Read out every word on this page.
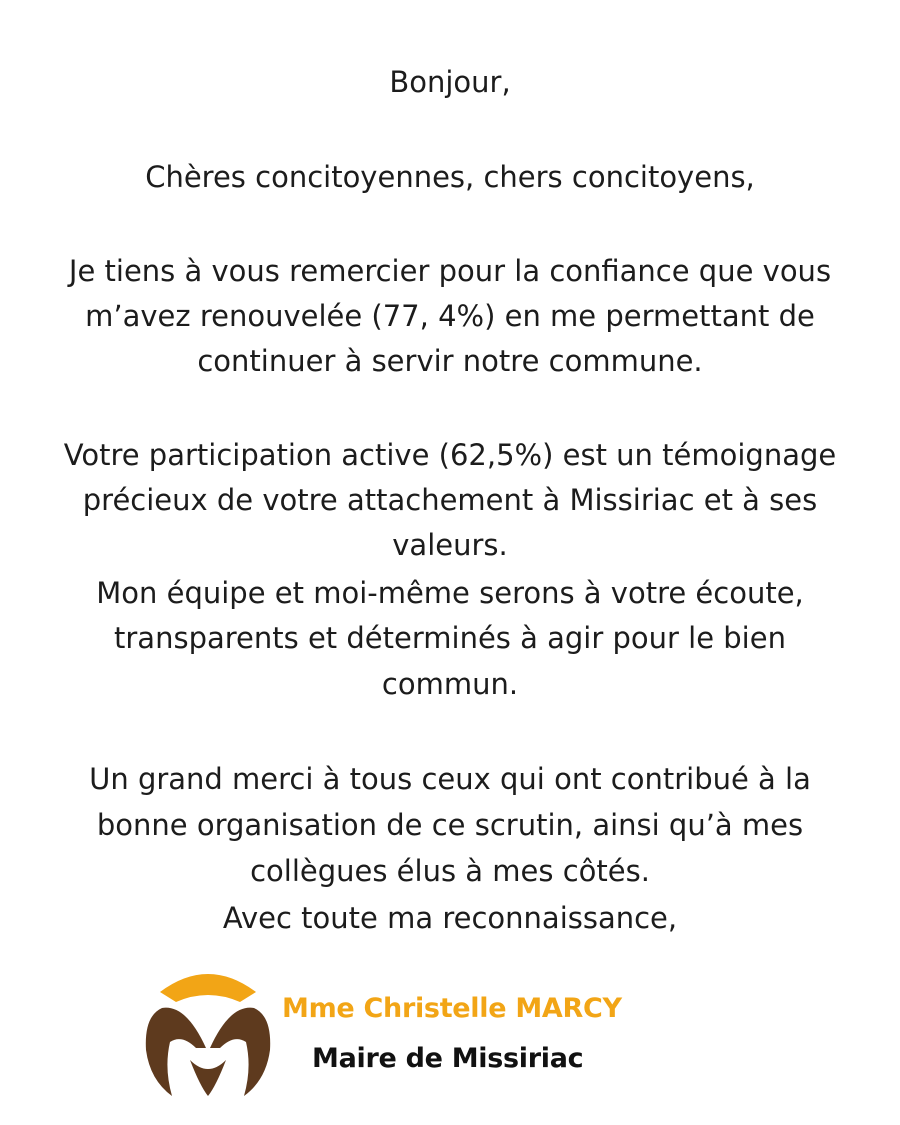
Bonjour,
Chères concitoyennes, chers concitoyens,
Je tiens à vous remercier pour la confiance que vous
m’avez renouvelée (77, 4%) en me permettant de
continuer à servir notre commune.
Votre participation active (62,5%) est un témoignage
précieux de votre attachement à Missiriac et à ses
valeurs.
Mon équipe et moi-même serons à votre écoute,
transparents et déterminés à agir pour le bien
commun.
Un grand merci à tous ceux qui ont contribué à la
bonne organisation de ce scrutin, ainsi qu’à mes
collègues élus à mes côtés.
Avec toute ma reconnaissance,
Mme Christelle MARCY
Maire de Missiriac
